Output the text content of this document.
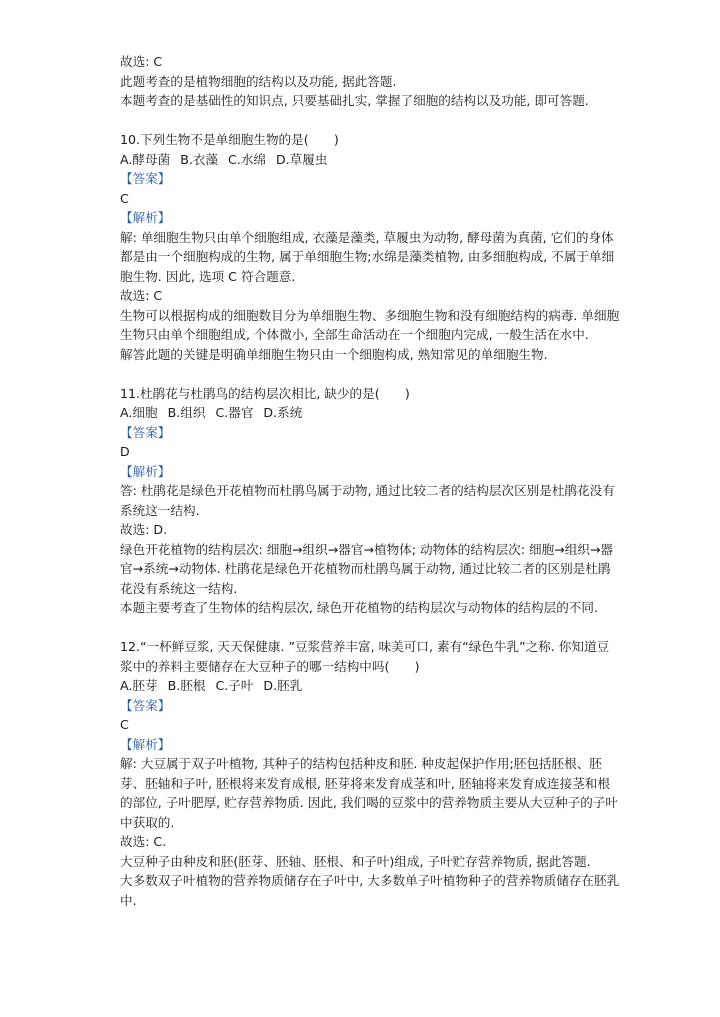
故选: C
此题考查的是植物细胞的结构以及功能, 据此答题.
本题考查的是基础性的知识点, 只要基础扎实, 掌握了细胞的结构以及功能, 即可答题.
10.下列生物不是单细胞生物的是(　　)
A.酵母菌 B.衣藻 C.水绵 D.草履虫
【答案】
C
【解析】
解: 单细胞生物只由单个细胞组成, 衣藻是藻类, 草履虫为动物, 酵母菌为真菌, 它们的身体都是由一个细胞构成的生物, 属于单细胞生物;水绵是藻类植物, 由多细胞构成, 不属于单细胞生物. 因此, 选项 C 符合题意.
故选: C
生物可以根据构成的细胞数目分为单细胞生物、多细胞生物和没有细胞结构的病毒. 单细胞生物只由单个细胞组成, 个体微小, 全部生命活动在一个细胞内完成, 一般生活在水中.
解答此题的关键是明确单细胞生物只由一个细胞构成, 熟知常见的单细胞生物.
11.杜鹃花与杜鹃鸟的结构层次相比, 缺少的是(　　)
A.细胞 B.组织 C.器官 D.系统
【答案】
D
【解析】
答: 杜鹃花是绿色开花植物而杜鹃鸟属于动物, 通过比较二者的结构层次区别是杜鹃花没有系统这一结构.
故选: D.
绿色开花植物的结构层次: 细胞→组织→器官→植物体; 动物体的结构层次: 细胞→组织→器官→系统→动物体. 杜鹃花是绿色开花植物而杜鹃鸟属于动物, 通过比较二者的区别是杜鹃花没有系统这一结构.
本题主要考查了生物体的结构层次, 绿色开花植物的结构层次与动物体的结构层的不同.
12.“一杯鲜豆浆, 天天保健康. ”豆浆营养丰富, 味美可口, 素有“绿色牛乳”之称. 你知道豆浆中的养料主要储存在大豆种子的哪一结构中吗(　　)
A.胚芽 B.胚根 C.子叶 D.胚乳
【答案】
C
【解析】
解: 大豆属于双子叶植物, 其种子的结构包括种皮和胚. 种皮起保护作用;胚包括胚根、胚芽、胚轴和子叶, 胚根将来发育成根, 胚芽将来发育成茎和叶, 胚轴将来发育成连接茎和根的部位, 子叶肥厚, 贮存营养物质. 因此, 我们喝的豆浆中的营养物质主要从大豆种子的子叶中获取的.
故选: C.
大豆种子由种皮和胚(胚芽、胚轴、胚根、和子叶)组成, 子叶贮存营养物质, 据此答题.
大多数双子叶植物的营养物质储存在子叶中, 大多数单子叶植物种子的营养物质储存在胚乳中.
